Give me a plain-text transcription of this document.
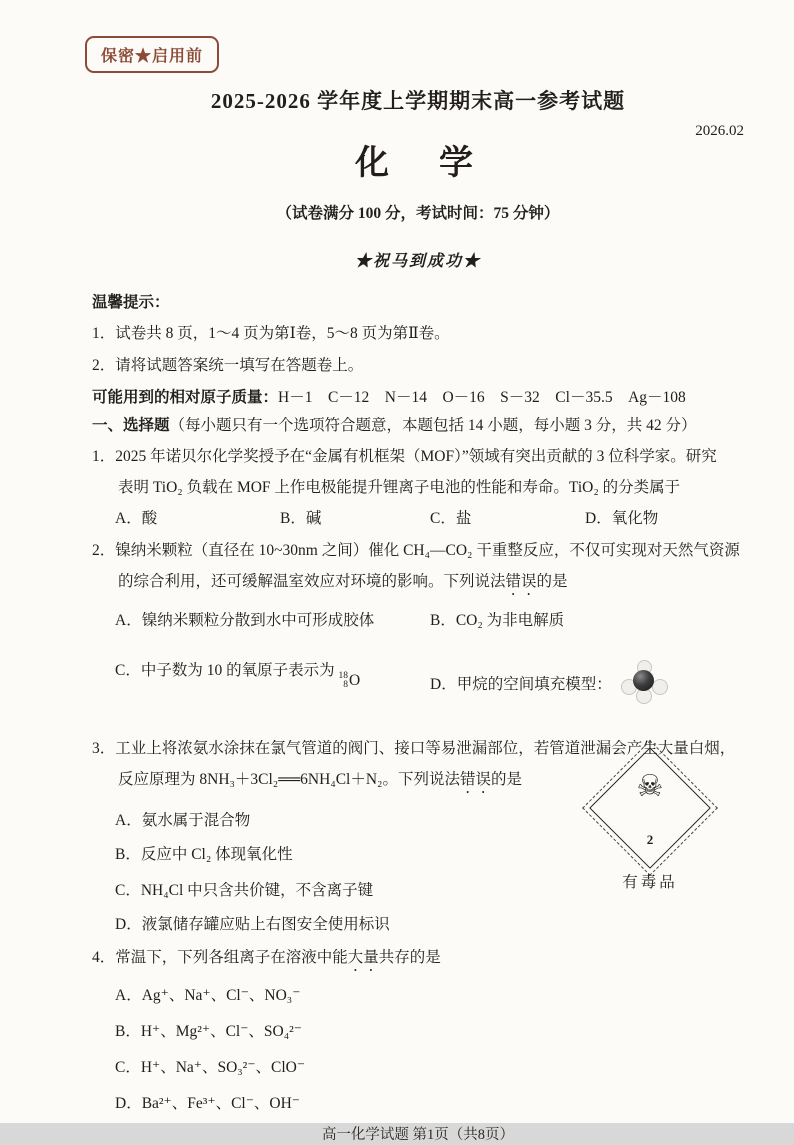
保密★启用前
2025-2026 学年度上学期期末高一参考试题
2026.02
化　学
（试卷满分 100 分，考试时间：75 分钟）
★祝马到成功★
温馨提示：
1．试卷共 8 页，1～4 页为第Ⅰ卷，5～8 页为第Ⅱ卷。
2．请将试题答案统一填写在答题卷上。
可能用到的相对原子质量：H－1　C－12　N－14　O－16　S－32　Cl－35.5　Ag－108
一、选择题（每小题只有一个选项符合题意，本题包括 14 小题，每小题 3 分，共 42 分）
1．2025 年诺贝尔化学奖授予在“金属有机框架（MOF）”领域有突出贡献的 3 位科学家。研究
表明 TiO₂ 负载在 MOF 上作电极能提升锂离子电池的性能和寿命。TiO₂ 的分类属于
A．酸	B．碱	C．盐	D．氧化物
2．镍纳米颗粒（直径在 10~30nm 之间）催化 CH₄—CO₂ 干重整反应，不仅可实现对天然气资源
的综合利用，还可缓解温室效应对环境的影响。下列说法错误的是
A．镍纳米颗粒分散到水中可形成胶体	B．CO₂ 为非电解质
C．中子数为 10 的氧原子表示为 18
8 O	D．甲烷的空间填充模型：
3．工业上将浓氨水涂抹在氯气管道的阀门、接口等易泄漏部位，若管道泄漏会产生大量白烟，
反应原理为 8NH₃＋3Cl₂══6NH₄Cl＋N₂。下列说法错误的是
A．氨水属于混合物
B．反应中 Cl₂ 体现氧化性
C．NH₄Cl 中只含共价键，不含离子键
D．液氯储存罐应贴上右图安全使用标识
4．常温下，下列各组离子在溶液中能大量共存的是
A．Ag⁺、Na⁺、Cl⁻、NO₃⁻
B．H⁺、Mg²⁺、Cl⁻、SO₄²⁻
C．H⁺、Na⁺、SO₃²⁻、ClO⁻
D．Ba²⁺、Fe³⁺、Cl⁻、OH⁻
高一化学试题 第1页（共8页）
☠
2
有毒品
